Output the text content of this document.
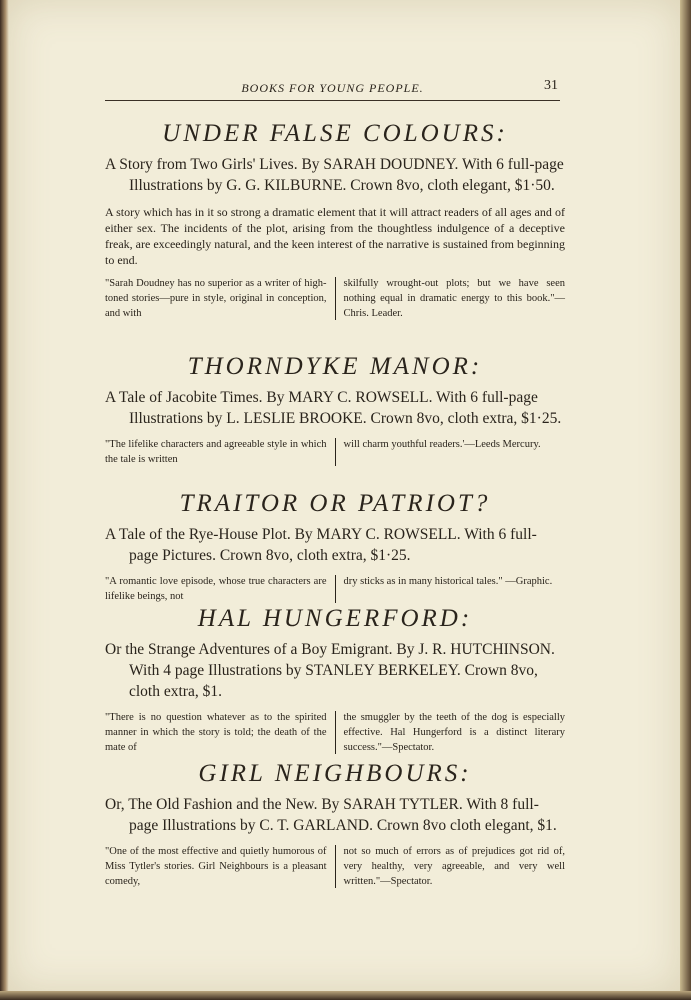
BOOKS FOR YOUNG PEOPLE.	31
UNDER FALSE COLOURS:

A Story from Two Girls' Lives. By SARAH DOUDNEY. With 6 full-page Illustrations by G. G. KILBURNE. Crown 8vo, cloth elegant, $1·50.

A story which has in it so strong a dramatic element that it will attract readers of all ages and of either sex. The incidents of the plot, arising from the thoughtless indulgence of a deceptive freak, are exceedingly natural, and the keen interest of the narrative is sustained from beginning to end.

"Sarah Doudney has no superior as a writer of high-toned stories—pure in style, original in conception, and with
skilfully wrought-out plots; but we have seen nothing equal in dramatic energy to this book."—Chris. Leader.
THORNDYKE MANOR:

A Tale of Jacobite Times. By MARY C. ROWSELL. With 6 full-page Illustrations by L. LESLIE BROOKE. Crown 8vo, cloth extra, $1·25.

"The lifelike characters and agreeable style in which the tale is written
will charm youthful readers.'—Leeds Mercury.
TRAITOR OR PATRIOT?

A Tale of the Rye-House Plot. By MARY C. ROWSELL. With 6 full-page Pictures. Crown 8vo, cloth extra, $1·25.

"A romantic love episode, whose true characters are lifelike beings, not
dry sticks as in many historical tales." —Graphic.
HAL HUNGERFORD:

Or the Strange Adventures of a Boy Emigrant. By J. R. HUTCHINSON. With 4 page Illustrations by STANLEY BERKELEY. Crown 8vo, cloth extra, $1.

"There is no question whatever as to the spirited manner in which the story is told; the death of the mate of
the smuggler by the teeth of the dog is especially effective. Hal Hungerford is a distinct literary success."—Spectator.
GIRL NEIGHBOURS:

Or, The Old Fashion and the New. By SARAH TYTLER. With 8 full-page Illustrations by C. T. GARLAND. Crown 8vo cloth elegant, $1.

"One of the most effective and quietly humorous of Miss Tytler's stories. Girl Neighbours is a pleasant comedy,
not so much of errors as of prejudices got rid of, very healthy, very agreeable, and very well written."—Spectator.
